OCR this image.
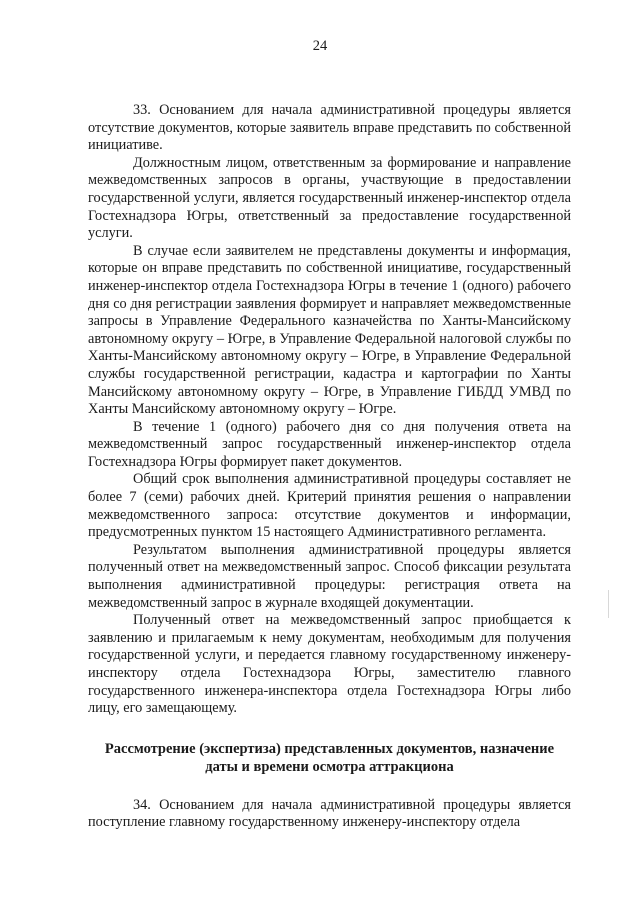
24

33. Основанием для начала административной процедуры является отсутствие документов, которые заявитель вправе представить по собственной инициативе.

Должностным лицом, ответственным за формирование и направление межведомственных запросов в органы, участвующие в предоставлении государственной услуги, является государственный инженер-инспектор отдела Гостехнадзора Югры, ответственный за предоставление государственной услуги.

В случае если заявителем не представлены документы и информация, которые он вправе представить по собственной инициативе, государственный инженер-инспектор отдела Гостехнадзора Югры в течение 1 (одного) рабочего дня со дня регистрации заявления формирует и направляет межведомственные запросы в Управление Федерального казначейства по Ханты-Мансийскому автономному округу – Югре, в Управление Федеральной налоговой службы по Ханты-Мансийскому автономному округу – Югре, в Управление Федеральной службы государственной регистрации, кадастра и картографии по Ханты Мансийскому автономному округу – Югре, в Управление ГИБДД УМВД по Ханты Мансийскому автономному округу – Югре.

В течение 1 (одного) рабочего дня со дня получения ответа на межведомственный запрос государственный инженер-инспектор отдела Гостехнадзора Югры формирует пакет документов.

Общий срок выполнения административной процедуры составляет не более 7 (семи) рабочих дней. Критерий принятия решения о направлении межведомственного запроса: отсутствие документов и информации, предусмотренных пунктом 15 настоящего Административного регламента.

Результатом выполнения административной процедуры является полученный ответ на межведомственный запрос. Способ фиксации результата выполнения административной процедуры: регистрация ответа на межведомственный запрос в журнале входящей документации.

Полученный ответ на межведомственный запрос приобщается к заявлению и прилагаемым к нему документам, необходимым для получения государственной услуги, и передается главному государственному инженеру-инспектору отдела Гостехнадзора Югры, заместителю главного государственного инженера-инспектора отдела Гостехнадзора Югры либо лицу, его замещающему.

Рассмотрение (экспертиза) представленных документов, назначение даты и времени осмотра аттракциона

34. Основанием для начала административной процедуры является поступление главному государственному инженеру-инспектору отдела
